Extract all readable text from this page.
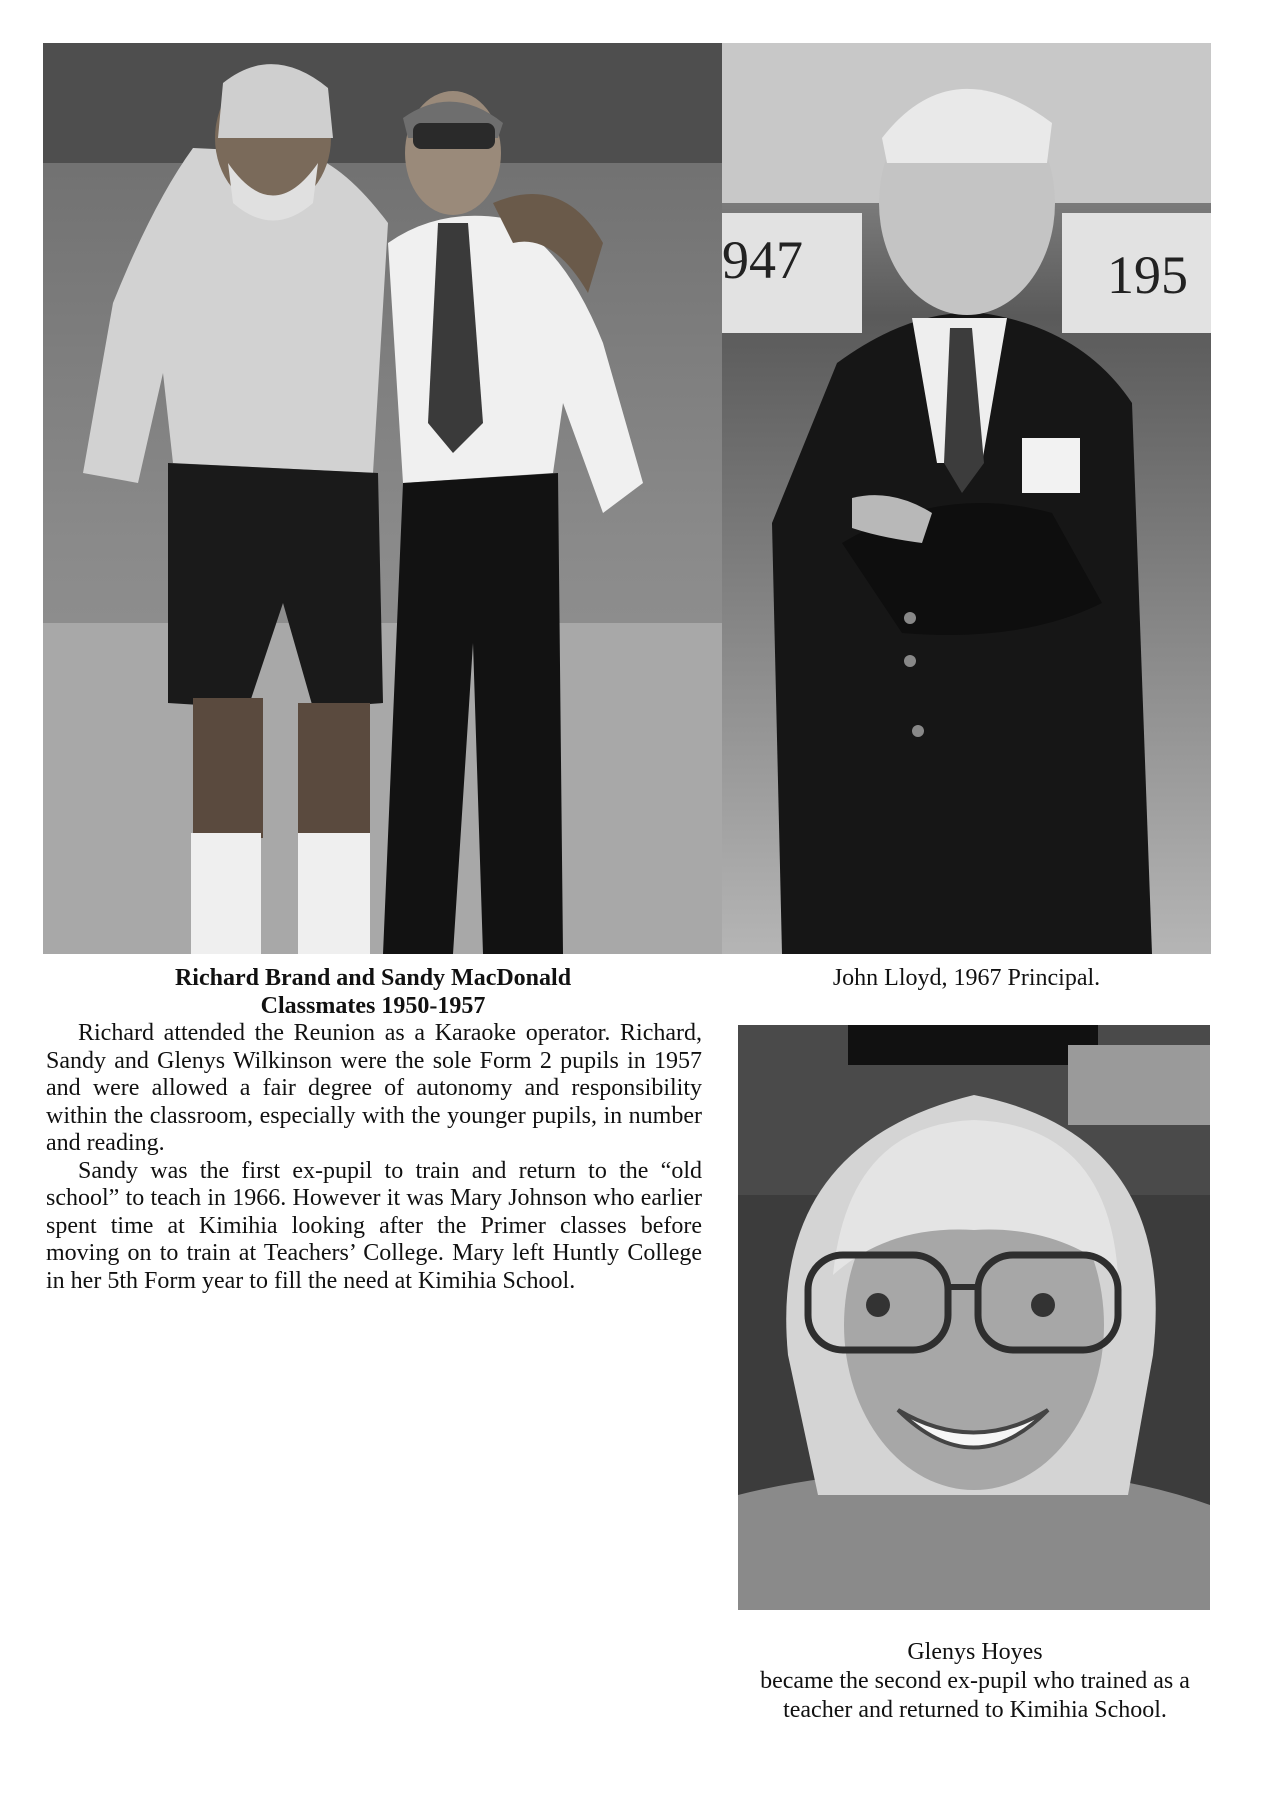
947	195
Richard Brand and Sandy MacDonald
Classmates 1950-1957
John Lloyd, 1967 Principal.

Richard attended the Reunion as a Karaoke operator. Richard, Sandy and Glenys Wilkinson were the sole Form 2 pupils in 1957 and were allowed a fair degree of autonomy and responsibility within the classroom, especially with the younger pupils, in number and reading.

Sandy was the first ex-pupil to train and return to the “old school” to teach in 1966. However it was Mary Johnson who earlier spent time at Kimihia looking after the Primer classes before moving on to train at Teachers’ College. Mary left Huntly College in her 5th Form year to fill the need at Kimihia School.

Glenys Hoyes
became the second ex-pupil who trained as a
teacher and returned to Kimihia School.
